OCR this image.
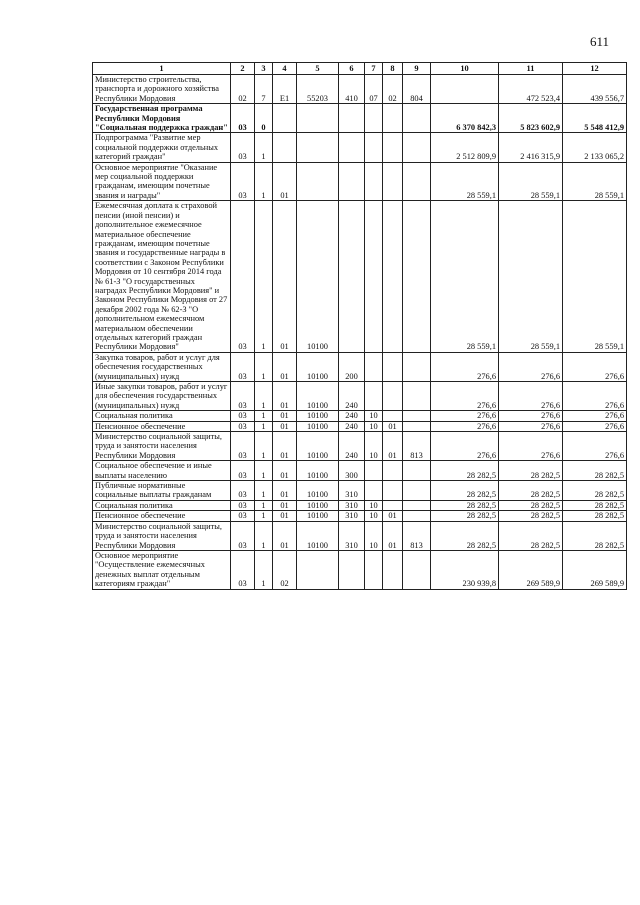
611
1	2	3	4	5	6	7	8	9	10	11	12
Министерство строительства, транспорта и дорожного хозяйства Республики Мордовия	02	7	Е1	55203	410	07	02	804		472 523,4	439 556,7
Государственная программа Республики Мордовия "Социальная поддержка граждан"	03	0							6 370 842,3	5 823 602,9	5 548 412,9
Подпрограмма "Развитие мер социальной поддержки отдельных категорий граждан"	03	1							2 512 809,9	2 416 315,9	2 133 065,2
Основное мероприятие "Оказание мер социальной поддержки гражданам, имеющим почетные звания и награды"	03	1	01						28 559,1	28 559,1	28 559,1
Ежемесячная доплата к страховой пенсии (иной пенсии) и дополнительное ежемесячное материальное обеспечение гражданам, имеющим почетные звания и государственные награды в соответствии с Законом Республики Мордовия от 10 сентября 2014 года № 61-З "О государственных наградах Республики Мордовия" и Законом Республики Мордовия от 27 декабря 2002 года № 62-З "О дополнительном ежемесячном материальном обеспечении отдельных категорий граждан Республики Мордовия"	03	1	01	10100					28 559,1	28 559,1	28 559,1
Закупка товаров, работ и услуг для обеспечения государственных (муниципальных) нужд	03	1	01	10100	200				276,6	276,6	276,6
Иные закупки товаров, работ и услуг для обеспечения государственных (муниципальных) нужд	03	1	01	10100	240				276,6	276,6	276,6
Социальная политика	03	1	01	10100	240	10			276,6	276,6	276,6
Пенсионное обеспечение	03	1	01	10100	240	10	01		276,6	276,6	276,6
Министерство социальной защиты, труда и занятости населения Республики Мордовия	03	1	01	10100	240	10	01	813	276,6	276,6	276,6
Социальное обеспечение и иные выплаты населению	03	1	01	10100	300				28 282,5	28 282,5	28 282,5
Публичные нормативные социальные выплаты гражданам	03	1	01	10100	310				28 282,5	28 282,5	28 282,5
Социальная политика	03	1	01	10100	310	10			28 282,5	28 282,5	28 282,5
Пенсионное обеспечение	03	1	01	10100	310	10	01		28 282,5	28 282,5	28 282,5
Министерство социальной защиты, труда и занятости населения Республики Мордовия	03	1	01	10100	310	10	01	813	28 282,5	28 282,5	28 282,5
Основное мероприятие "Осуществление ежемесячных денежных выплат отдельным категориям граждан"	03	1	02						230 939,8	269 589,9	269 589,9
